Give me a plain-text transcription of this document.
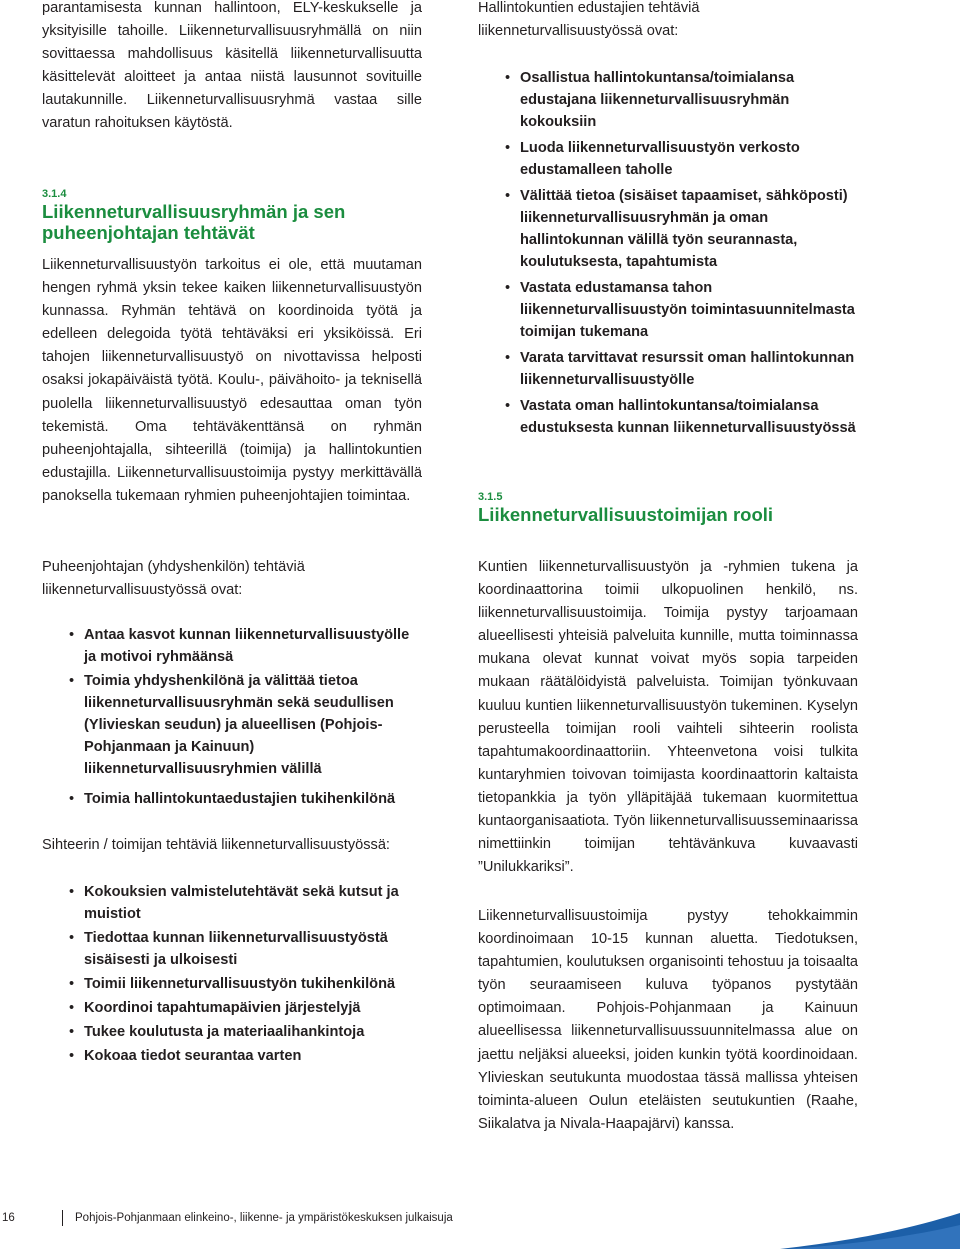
parantamisesta kunnan hallintoon, ELY-keskukselle ja yksityisille tahoille. Liikenneturvallisuusryhmällä on niin sovittaessa mahdollisuus käsitellä liikenneturvallisuutta käsittelevät aloitteet ja antaa niistä lausunnot sovituille lautakunnille. Liikenneturvallisuusryhmä vastaa sille varatun rahoituksen käytöstä.

3.1.4

Liikenneturvallisuusryhmän ja sen puheenjohtajan tehtävät

Liikenneturvallisuustyön tarkoitus ei ole, että muutaman hengen ryhmä yksin tekee kaiken liikenneturvallisuustyön kunnassa. Ryhmän tehtävä on koordinoida työtä ja edelleen delegoida työtä tehtäväksi eri yksiköissä. Eri tahojen liikenneturvallisuustyö on nivottavissa helposti osaksi jokapäiväistä työtä. Koulu-, päivähoito- ja teknisellä puolella liikenneturvallisuustyö edesauttaa oman työn tekemistä. Oma tehtäväkenttänsä on ryhmän puheenjohtajalla, sihteerillä (toimija) ja hallintokuntien edustajilla. Liikenneturvallisuustoimija pystyy merkittävällä panoksella tukemaan ryhmien puheenjohtajien toimintaa.

Puheenjohtajan (yhdyshenkilön) tehtäviä liikenneturvallisuustyössä ovat:

• Antaa kasvot kunnan liikenneturvallisuustyölle ja motivoi ryhmäänsä
• Toimia yhdyshenkilönä ja välittää tietoa liikenneturvallisuusryhmän sekä seudullisen (Ylivieskan seudun) ja alueellisen (Pohjois-Pohjanmaan ja Kainuun) liikenneturvallisuusryhmien välillä
• Toimia hallintokuntaedustajien tukihenkilönä

Sihteerin / toimijan tehtäviä liikenneturvallisuustyössä:

• Kokouksien valmistelutehtävät sekä kutsut ja muistiot
• Tiedottaa kunnan liikenneturvallisuustyöstä sisäisesti ja ulkoisesti
• Toimii liikenneturvallisuustyön tukihenkilönä
• Koordinoi tapahtumapäivien järjestelyjä
• Tukee koulutusta ja materiaalihankintoja
• Kokoaa tiedot seurantaa varten

Hallintokuntien edustajien tehtäviä liikenneturvallisuustyössä ovat:

• Osallistua hallintokuntansa/toimialansa edustajana liikenneturvallisuusryhmän kokouksiin
• Luoda liikenneturvallisuustyön verkosto edustamalleen taholle
• Välittää tietoa (sisäiset tapaamiset, sähköposti) liikenneturvallisuusryhmän ja oman hallintokunnan välillä työn seurannasta, koulutuksesta, tapahtumista
• Vastata edustamansa tahon liikenneturvallisuustyön toimintasuunnitelmasta toimijan tukemana
• Varata tarvittavat resurssit oman hallintokunnan liikenneturvallisuustyölle
• Vastata oman hallintokuntansa/toimialansa edustuksesta kunnan liikenneturvallisuustyössä

3.1.5

Liikenneturvallisuustoimijan rooli

Kuntien liikenneturvallisuustyön ja -ryhmien tukena ja koordinaattorina toimii ulkopuolinen henkilö, ns. liikenneturvallisuustoimija. Toimija pystyy tarjoamaan alueellisesti yhteisiä palveluita kunnille, mutta toiminnassa mukana olevat kunnat voivat myös sopia tarpeiden mukaan räätälöidyistä palveluista. Toimijan työnkuvaan kuuluu kuntien liikenneturvallisuustyön tukeminen. Kyselyn perusteella toimijan rooli vaihteli sihteerin roolista tapahtumakoordinaattoriin. Yhteenvetona voisi tulkita kuntaryhmien toivovan toimijasta koordinaattorin kaltaista tietopankkia ja työn ylläpitäjää tukemaan kuormitettua kuntaorganisaatiota. Työn liikenneturvallisuusseminaarissa nimettiinkin toimijan tehtävänkuva kuvaavasti ”Unilukkariksi”.

Liikenneturvallisuustoimija pystyy tehokkaimmin koordinoimaan 10-15 kunnan aluetta. Tiedotuksen, tapahtumien, koulutuksen organisointi tehostuu ja toisaalta työn seuraamiseen kuluva työpanos pystytään optimoimaan. Pohjois-Pohjanmaan ja Kainuun alueellisessa liikenneturvallisuussuunnitelmassa alue on jaettu neljäksi alueeksi, joiden kunkin työtä koordinoidaan. Ylivieskan seutukunta muodostaa tässä mallissa yhteisen toiminta-alueen Oulun eteläisten seutukuntien (Raahe, Siikalatva ja Nivala-Haapajärvi) kanssa.

16	Pohjois-Pohjanmaan elinkeino-, liikenne- ja ympäristökeskuksen julkaisuja
